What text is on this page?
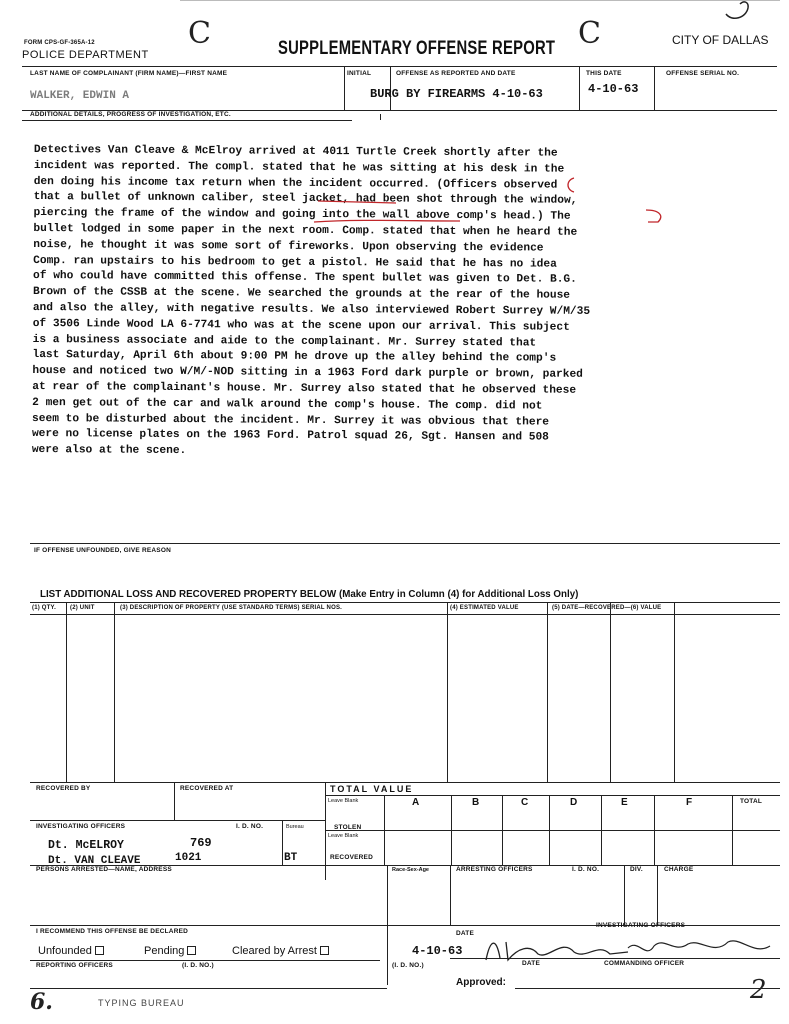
FORM CPS-GF-365A-12
POLICE DEPARTMENT
C	SUPPLEMENTARY OFFENSE REPORT C	CITY OF DALLAS
LAST NAME OF COMPLAINANT (FIRM NAME)—FIRST NAME	INITIAL	OFFENSE AS REPORTED AND DATE	THIS DATE	OFFENSE SERIAL NO.
WALKER, EDWIN A	BURG BY FIREARMS 4-10-63	4-10-63
ADDITIONAL DETAILS, PROGRESS OF INVESTIGATION, ETC.
Detectives Van Cleave & McElroy arrived at 4011 Turtle Creek shortly after the
incident was reported. The compl. stated that he was sitting at his desk in the
den doing his income tax return when the incident occurred. (Officers observed
that a bullet of unknown caliber, steel jacket, had been shot through the window,
piercing the frame of the window and going into the wall above comp's head.) The
bullet lodged in some paper in the next room. Comp. stated that when he heard the
noise, he thought it was some sort of fireworks. Upon observing the evidence
Comp. ran upstairs to his bedroom to get a pistol. He said that he has no idea
of who could have committed this offense. The spent bullet was given to Det. B.G.
Brown of the CSSB at the scene. We searched the grounds at the rear of the house
and also the alley, with negative results. We also interviewed Robert Surrey W/M/35
of 3506 Linde Wood LA 6-7741 who was at the scene upon our arrival. This subject
is a business associate and aide to the complainant. Mr. Surrey stated that
last Saturday, April 6th about 9:00 PM he drove up the alley behind the comp's
house and noticed two W/M/-NOD sitting in a 1963 Ford dark purple or brown, parked
at rear of the complainant's house. Mr. Surrey also stated that he observed these
2 men get out of the car and walk around the comp's house. The comp. did not
seem to be disturbed about the incident. Mr. Surrey it was obvious that there
were no license plates on the 1963 Ford. Patrol squad 26, Sgt. Hansen and 508
were also at the scene.
IF OFFENSE UNFOUNDED, GIVE REASON
LIST ADDITIONAL LOSS AND RECOVERED PROPERTY BELOW (Make Entry in Column (4) for Additional Loss Only)
(1) QTY. (2) UNIT	(3) DESCRIPTION OF PROPERTY (USE STANDARD TERMS) SERIAL NOS.	(4) ESTIMATED VALUE	(5) DATE—RECOVERED—(6) VALUE
RECOVERED BY	RECOVERED AT	TOTAL VALUE
Leave Blank
STOLEN
Leave Blank
RECOVERED
A	B	C	D	E	F	TOTAL
INVESTIGATING OFFICERS	I. D. NO.	Bureau
Dt. McELROY	769
Dt. VAN CLEAVE	1021	BT
PERSONS ARRESTED—NAME, ADDRESS	Race-Sex-Age	ARRESTING OFFICERS	I. D. NO.	DIV.	CHARGE
I RECOMMEND THIS OFFENSE BE DECLARED
Unfounded	Pending	Cleared by Arrest
REPORTING OFFICERS	(I. D. NO.)	(I. D. NO.)
DATE
4-10-63
INVESTIGATING OFFICERS
DATE	COMMANDING OFFICER
Approved:	2
6.	TYPING BUREAU
